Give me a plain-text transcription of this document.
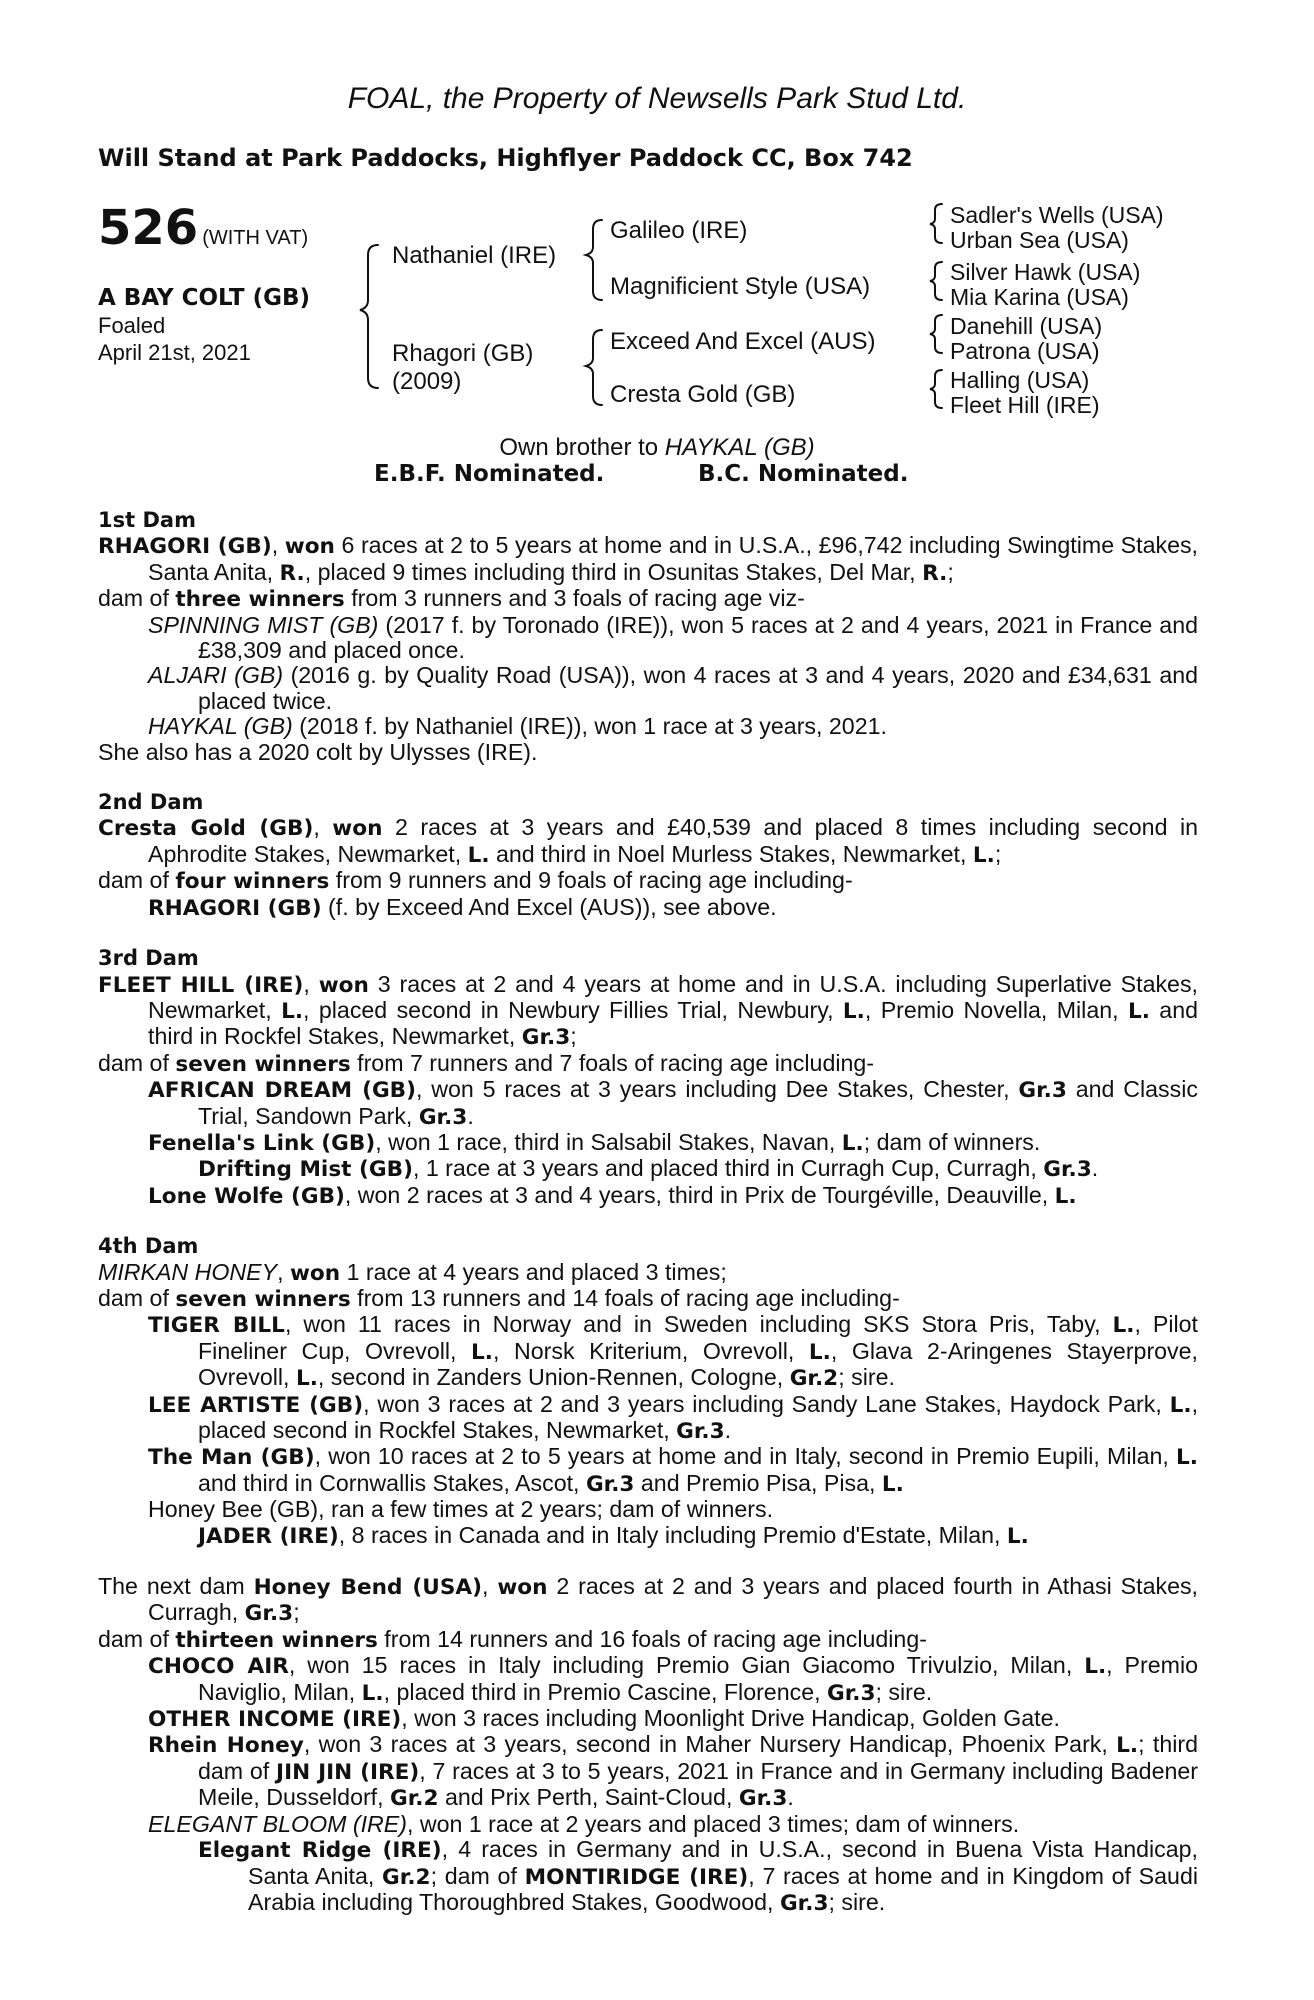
FOAL, the Property of Newsells Park Stud Ltd.
Will Stand at Park Paddocks, Highflyer Paddock CC, Box 742
526 (WITH VAT)
A BAY COLT (GB)
Foaled
April 21st, 2021
Nathaniel (IRE)
Rhagori (GB)
(2009)
Galileo (IRE)
Magnificient Style (USA)
Exceed And Excel (AUS)
Cresta Gold (GB)
Sadler's Wells (USA)
Urban Sea (USA)
Silver Hawk (USA)
Mia Karina (USA)
Danehill (USA)
Patrona (USA)
Halling (USA)
Fleet Hill (IRE)
Own brother to HAYKAL (GB)
E.B.F. Nominated.	B.C. Nominated.
1st Dam

RHAGORI (GB), won 6 races at 2 to 5 years at home and in U.S.A., £96,742 including Swingtime Stakes, Santa Anita, R., placed 9 times including third in Osunitas Stakes, Del Mar, R.;

dam of three winners from 3 runners and 3 foals of racing age viz-

SPINNING MIST (GB) (2017 f. by Toronado (IRE)), won 5 races at 2 and 4 years, 2021 in France and £38,309 and placed once.

ALJARI (GB) (2016 g. by Quality Road (USA)), won 4 races at 3 and 4 years, 2020 and £34,631 and placed twice.

HAYKAL (GB) (2018 f. by Nathaniel (IRE)), won 1 race at 3 years, 2021.

She also has a 2020 colt by Ulysses (IRE).

2nd Dam

Cresta Gold (GB), won 2 races at 3 years and £40,539 and placed 8 times including second in Aphrodite Stakes, Newmarket, L. and third in Noel Murless Stakes, Newmarket, L.;

dam of four winners from 9 runners and 9 foals of racing age including-

RHAGORI (GB) (f. by Exceed And Excel (AUS)), see above.

3rd Dam

FLEET HILL (IRE), won 3 races at 2 and 4 years at home and in U.S.A. including Superlative Stakes, Newmarket, L., placed second in Newbury Fillies Trial, Newbury, L., Premio Novella, Milan, L. and third in Rockfel Stakes, Newmarket, Gr.3;

dam of seven winners from 7 runners and 7 foals of racing age including-

AFRICAN DREAM (GB), won 5 races at 3 years including Dee Stakes, Chester, Gr.3 and Classic Trial, Sandown Park, Gr.3.

Fenella's Link (GB), won 1 race, third in Salsabil Stakes, Navan, L.; dam of winners.

Drifting Mist (GB), 1 race at 3 years and placed third in Curragh Cup, Curragh, Gr.3.

Lone Wolfe (GB), won 2 races at 3 and 4 years, third in Prix de Tourgéville, Deauville, L.

4th Dam

MIRKAN HONEY, won 1 race at 4 years and placed 3 times;

dam of seven winners from 13 runners and 14 foals of racing age including-

TIGER BILL, won 11 races in Norway and in Sweden including SKS Stora Pris, Taby, L., Pilot Fineliner Cup, Ovrevoll, L., Norsk Kriterium, Ovrevoll, L., Glava 2-Aringenes Stayerprove, Ovrevoll, L., second in Zanders Union-Rennen, Cologne, Gr.2; sire.

LEE ARTISTE (GB), won 3 races at 2 and 3 years including Sandy Lane Stakes, Haydock Park, L., placed second in Rockfel Stakes, Newmarket, Gr.3.

The Man (GB), won 10 races at 2 to 5 years at home and in Italy, second in Premio Eupili, Milan, L. and third in Cornwallis Stakes, Ascot, Gr.3 and Premio Pisa, Pisa, L.

Honey Bee (GB), ran a few times at 2 years; dam of winners.

JADER (IRE), 8 races in Canada and in Italy including Premio d'Estate, Milan, L.

The next dam Honey Bend (USA), won 2 races at 2 and 3 years and placed fourth in Athasi Stakes, Curragh, Gr.3;

dam of thirteen winners from 14 runners and 16 foals of racing age including-

CHOCO AIR, won 15 races in Italy including Premio Gian Giacomo Trivulzio, Milan, L., Premio Naviglio, Milan, L., placed third in Premio Cascine, Florence, Gr.3; sire.

OTHER INCOME (IRE), won 3 races including Moonlight Drive Handicap, Golden Gate.

Rhein Honey, won 3 races at 3 years, second in Maher Nursery Handicap, Phoenix Park, L.; third dam of JIN JIN (IRE), 7 races at 3 to 5 years, 2021 in France and in Germany including Badener Meile, Dusseldorf, Gr.2 and Prix Perth, Saint-Cloud, Gr.3.

ELEGANT BLOOM (IRE), won 1 race at 2 years and placed 3 times; dam of winners.

Elegant Ridge (IRE), 4 races in Germany and in U.S.A., second in Buena Vista Handicap, Santa Anita, Gr.2; dam of MONTIRIDGE (IRE), 7 races at home and in Kingdom of Saudi Arabia including Thoroughbred Stakes, Goodwood, Gr.3; sire.
